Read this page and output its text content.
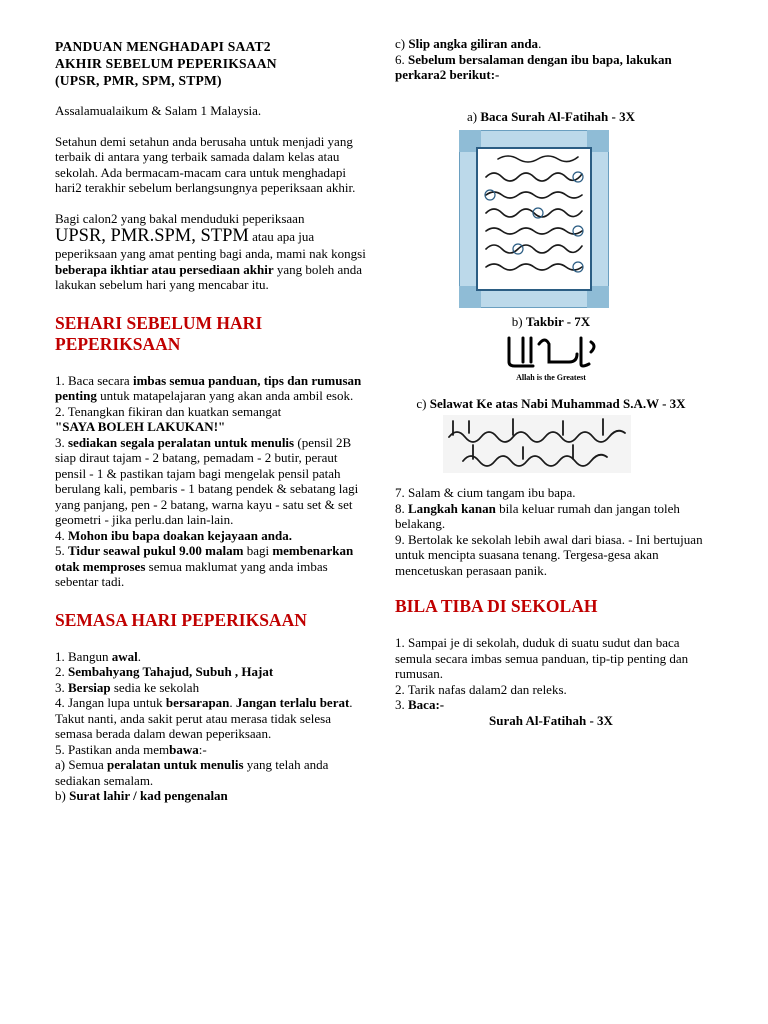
PANDUAN MENGHADAPI SAAT2
AKHIR SEBELUM PEPERIKSAAN
(UPSR, PMR, SPM, STPM)

Assalamualaikum & Salam 1 Malaysia.

Setahun demi setahun anda berusaha untuk menjadi yang terbaik di antara yang terbaik samada dalam kelas atau sekolah. Ada bermacam-macam cara untuk menghadapi hari2 terakhir sebelum berlangsungnya peperiksaan akhir.

Bagi calon2 yang bakal menduduki peperiksaan
UPSR, PMR.SPM, STPM atau apa jua peperiksaan yang amat penting bagi anda, mami nak kongsi beberapa ikhtiar atau persediaan akhir yang boleh anda lakukan sebelum hari yang mencabar itu.

SEHARI SEBELUM HARI PEPERIKSAAN

1. Baca secara imbas semua panduan, tips dan rumusan penting untuk matapelajaran yang akan anda ambil esok.

2. Tenangkan fikiran dan kuatkan semangat
"SAYA BOLEH LAKUKAN!"

3. sediakan segala peralatan untuk menulis (pensil 2B siap diraut tajam - 2 batang, pemadam - 2 butir, peraut pensil - 1 & pastikan tajam bagi mengelak pensil patah berulang kali, pembaris - 1 batang pendek & sebatang lagi yang panjang, pen - 2 batang, warna kayu - satu set & set geometri - jika perlu.dan lain-lain.

4. Mohon ibu bapa doakan kejayaan anda.

5. Tidur seawal pukul 9.00 malam bagi membenarkan otak memproses semua maklumat yang anda imbas sebentar tadi.

SEMASA HARI PEPERIKSAAN

1. Bangun awal.

2. Sembahyang Tahajud, Subuh , Hajat

3. Bersiap sedia ke sekolah

4. Jangan lupa untuk bersarapan. Jangan terlalu berat. Takut nanti, anda sakit perut atau merasa tidak selesa semasa berada dalam dewan peperiksaan.

5. Pastikan anda membawa:-

a) Semua peralatan untuk menulis yang telah anda sediakan semalam.

b) Surat lahir / kad pengenalan

c) Slip angka giliran anda.

6. Sebelum bersalaman dengan ibu bapa, lakukan perkara2 berikut:-

a) Baca Surah Al-Fatihah - 3X

b) Takbir - 7X

Allah is the Greatest

c) Selawat Ke atas Nabi Muhammad S.A.W - 3X

7. Salam & cium tangam ibu bapa.

8. Langkah kanan bila keluar rumah dan jangan toleh belakang.

9. Bertolak ke sekolah lebih awal dari biasa. - Ini bertujuan untuk mencipta suasana tenang. Tergesa-gesa akan mencetuskan perasaan panik.

BILA TIBA DI SEKOLAH

1. Sampai je di sekolah, duduk di suatu sudut dan baca semula secara imbas semua panduan, tip-tip penting dan rumusan.

2. Tarik nafas dalam2 dan releks.

3. Baca:-

Surah Al-Fatihah - 3X
